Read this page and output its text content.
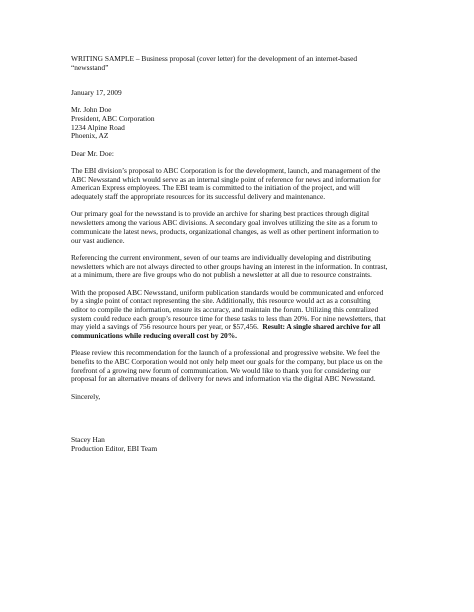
WRITING SAMPLE – Business proposal (cover letter) for the development of an internet-based
“newsstand”
January 17, 2009
Mr. John Doe
President, ABC Corporation
1234 Alpine Road
Phoenix, AZ
Dear Mr. Doe:
The EBI division’s proposal to ABC Corporation is for the development, launch, and management of the
ABC Newsstand which would serve as an internal single point of reference for news and information for
American Express employees. The EBI team is committed to the initiation of the project, and will
adequately staff the appropriate resources for its successful delivery and maintenance.
Our primary goal for the newsstand is to provide an archive for sharing best practices through digital
newsletters among the various ABC divisions. A secondary goal involves utilizing the site as a forum to
communicate the latest news, products, organizational changes, as well as other pertinent information to
our vast audience.
Referencing the current environment, seven of our teams are individually developing and distributing
newsletters which are not always directed to other groups having an interest in the information. In contrast,
at a minimum, there are five groups who do not publish a newsletter at all due to resource constraints.
With the proposed ABC Newsstand, uniform publication standards would be communicated and enforced
by a single point of contact representing the site. Additionally, this resource would act as a consulting
editor to compile the information, ensure its accuracy, and maintain the forum. Utilizing this centralized
system could reduce each group’s resource time for these tasks to less than 20%. For nine newsletters, that
may yield a savings of 756 resource hours per year, or $57,456.  Result: A single shared archive for all
communications while reducing overall cost by 20%.
Please review this recommendation for the launch of a professional and progressive website. We feel the
benefits to the ABC Corporation would not only help meet our goals for the company, but place us on the
forefront of a growing new forum of communication. We would like to thank you for considering our
proposal for an alternative means of delivery for news and information via the digital ABC Newsstand.
Sincerely,
Stacey Han
Production Editor, EBI Team
